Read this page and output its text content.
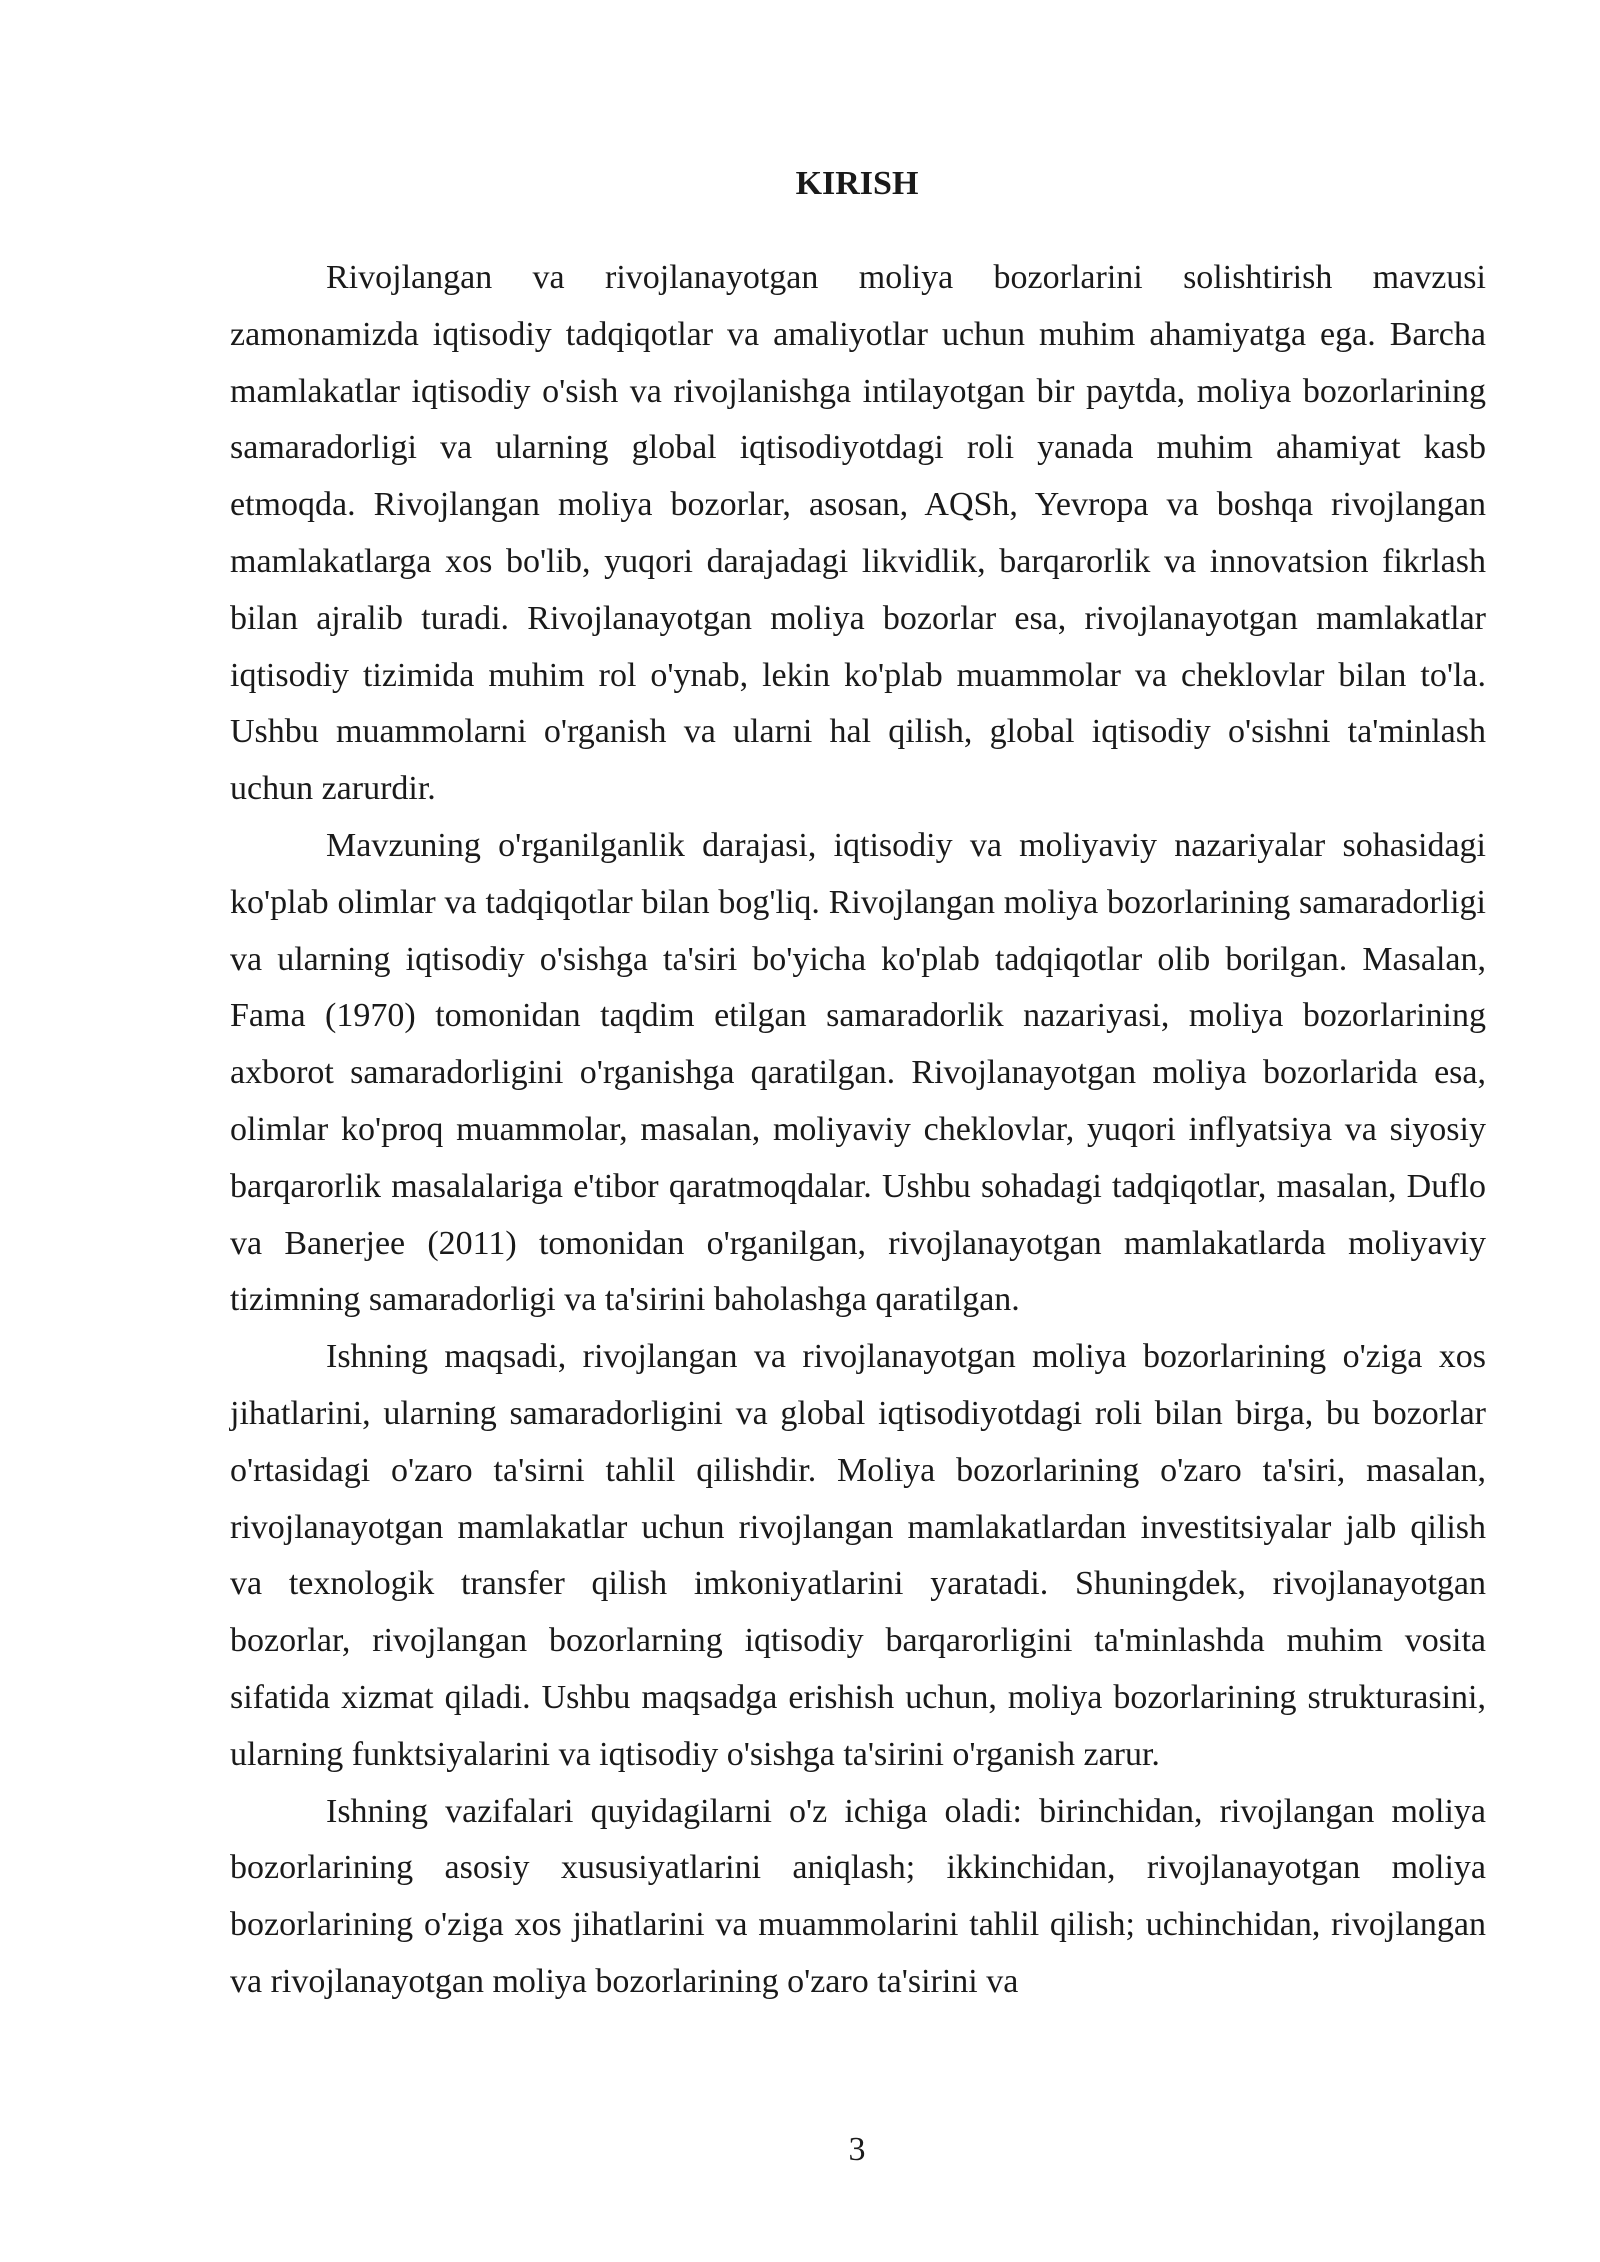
KIRISH

Rivojlangan va rivojlanayotgan moliya bozorlarini solishtirish mavzusi zamonamizda iqtisodiy tadqiqotlar va amaliyotlar uchun muhim ahamiyatga ega. Barcha mamlakatlar iqtisodiy o'sish va rivojlanishga intilayotgan bir paytda, moliya bozorlarining samaradorligi va ularning global iqtisodiyotdagi roli yanada muhim ahamiyat kasb etmoqda. Rivojlangan moliya bozorlar, asosan, AQSh, Yevropa va boshqa rivojlangan mamlakatlarga xos bo'lib, yuqori darajadagi likvidlik, barqarorlik va innovatsion fikrlash bilan ajralib turadi. Rivojlanayotgan moliya bozorlar esa, rivojlanayotgan mamlakatlar iqtisodiy tizimida muhim rol o'ynab, lekin ko'plab muammolar va cheklovlar bilan to'la. Ushbu muammolarni o'rganish va ularni hal qilish, global iqtisodiy o'sishni ta'minlash uchun zarurdir.

Mavzuning o'rganilganlik darajasi, iqtisodiy va moliyaviy nazariyalar sohasidagi ko'plab olimlar va tadqiqotlar bilan bog'liq. Rivojlangan moliya bozorlarining samaradorligi va ularning iqtisodiy o'sishga ta'siri bo'yicha ko'plab tadqiqotlar olib borilgan. Masalan, Fama (1970) tomonidan taqdim etilgan samaradorlik nazariyasi, moliya bozorlarining axborot samaradorligini o'rganishga qaratilgan. Rivojlanayotgan moliya bozorlarida esa, olimlar ko'proq muammolar, masalan, moliyaviy cheklovlar, yuqori inflyatsiya va siyosiy barqarorlik masalalariga e'tibor qaratmoqdalar. Ushbu sohadagi tadqiqotlar, masalan, Duflo va Banerjee (2011) tomonidan o'rganilgan, rivojlanayotgan mamlakatlarda moliyaviy tizimning samaradorligi va ta'sirini baholashga qaratilgan.

Ishning maqsadi, rivojlangan va rivojlanayotgan moliya bozorlarining o'ziga xos jihatlarini, ularning samaradorligini va global iqtisodiyotdagi roli bilan birga, bu bozorlar o'rtasidagi o'zaro ta'sirni tahlil qilishdir. Moliya bozorlarining o'zaro ta'siri, masalan, rivojlanayotgan mamlakatlar uchun rivojlangan mamlakatlardan investitsiyalar jalb qilish va texnologik transfer qilish imkoniyatlarini yaratadi. Shuningdek, rivojlanayotgan bozorlar, rivojlangan bozorlarning iqtisodiy barqarorligini ta'minlashda muhim vosita sifatida xizmat qiladi. Ushbu maqsadga erishish uchun, moliya bozorlarining strukturasini, ularning funktsiyalarini va iqtisodiy o'sishga ta'sirini o'rganish zarur.

Ishning vazifalari quyidagilarni o'z ichiga oladi: birinchidan, rivojlangan moliya bozorlarining asosiy xususiyatlarini aniqlash; ikkinchidan, rivojlanayotgan moliya bozorlarining o'ziga xos jihatlarini va muammolarini tahlil qilish; uchinchidan, rivojlangan va rivojlanayotgan moliya bozorlarining o'zaro ta'sirini va

3
